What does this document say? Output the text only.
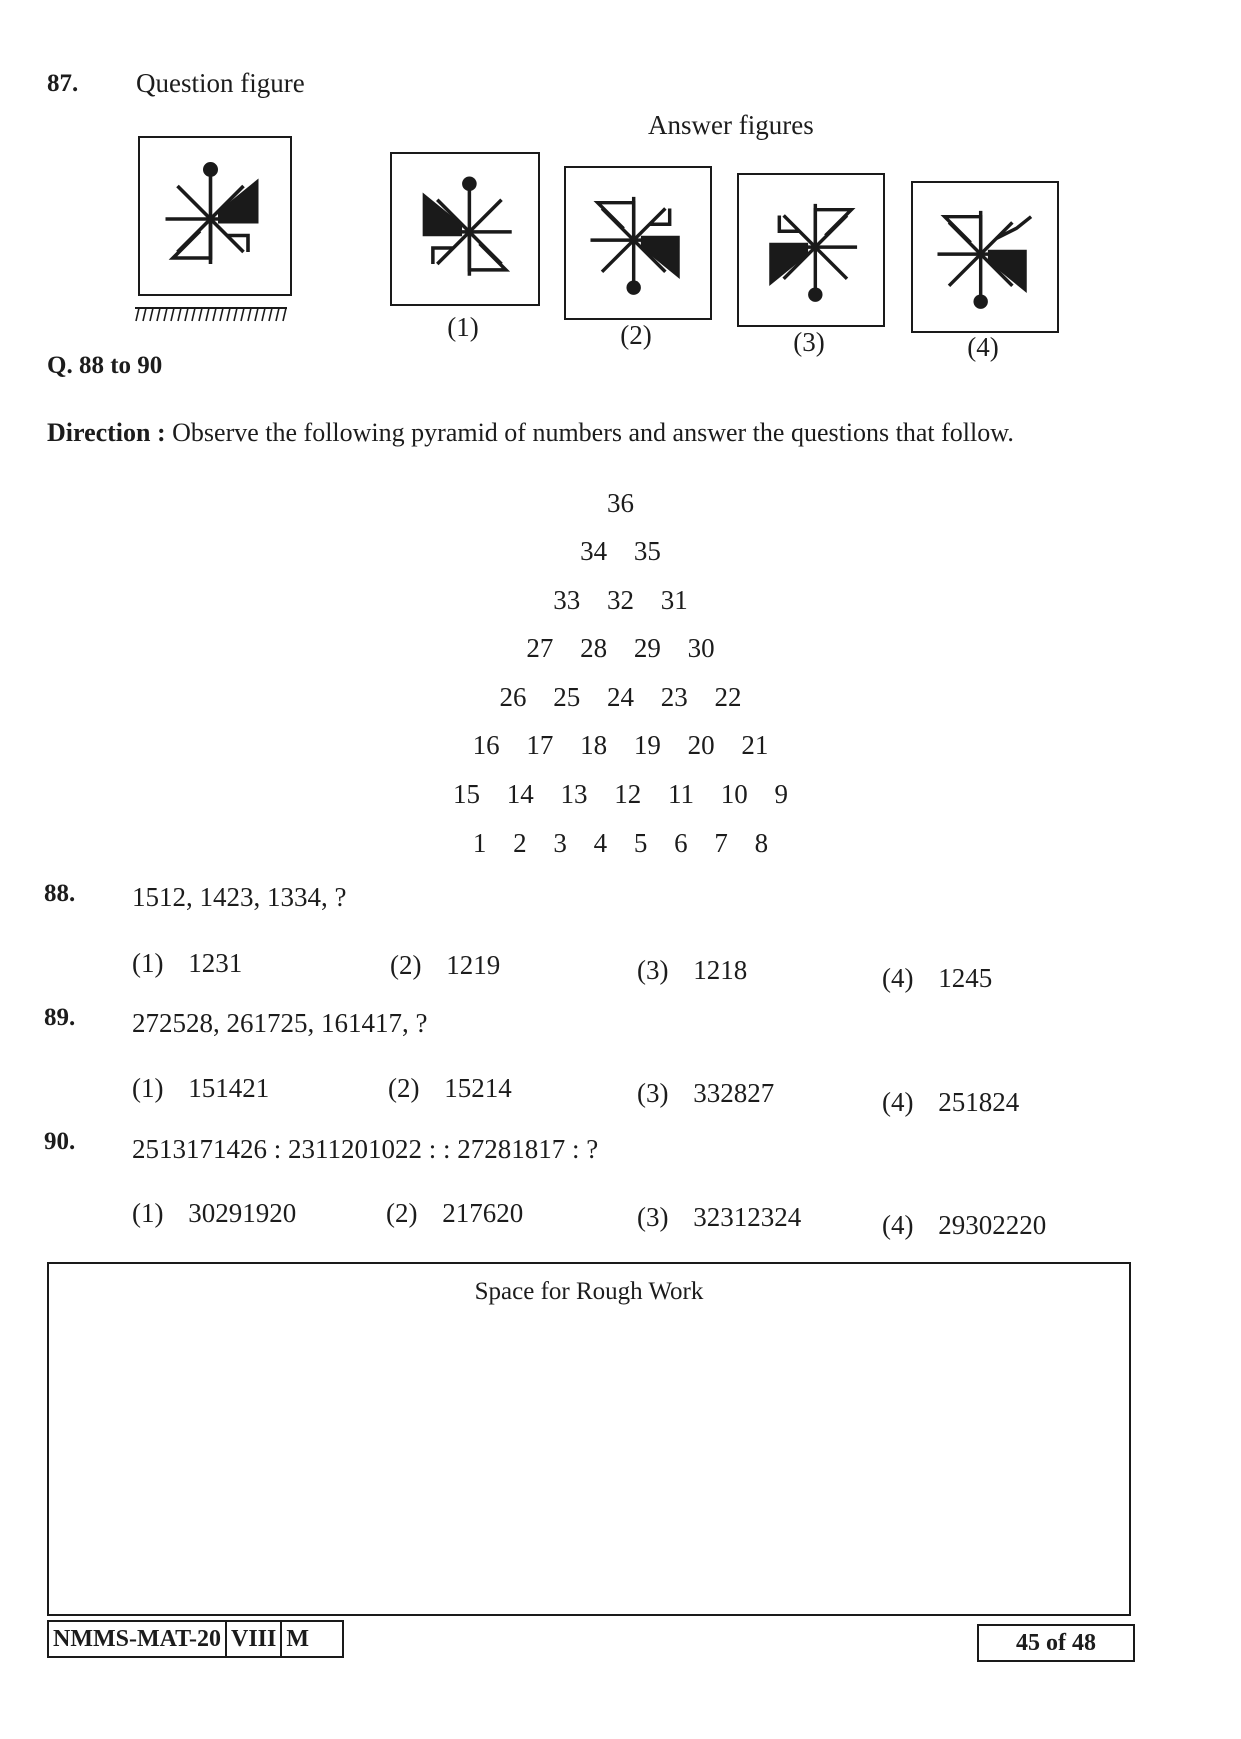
87. Question figure
Answer figures
(1)	(2)	(3)	(4)
Q. 88 to 90
Direction : Observe the following pyramid of numbers and answer the questions that follow.
36
34 35
33 32 31
27 28 29 30
26 25 24 23 22
16 17 18 19 20 21
15 14 13 12 11 10 9
1 2 3 4 5 6 7 8
88. 1512, 1423, 1334, ?
(1) 1231	(2) 1219	(3) 1218	(4) 1245
89. 272528, 261725, 161417, ?
(1) 151421	(2) 15214	(3) 332827	(4) 251824
90. 2513171426 : 2311201022 : : 27281817 : ?
(1) 30291920	(2) 217620	(3) 32312324	(4) 29302220
Space for Rough Work
NMMS-MAT-20 VIII M	45 of 48
